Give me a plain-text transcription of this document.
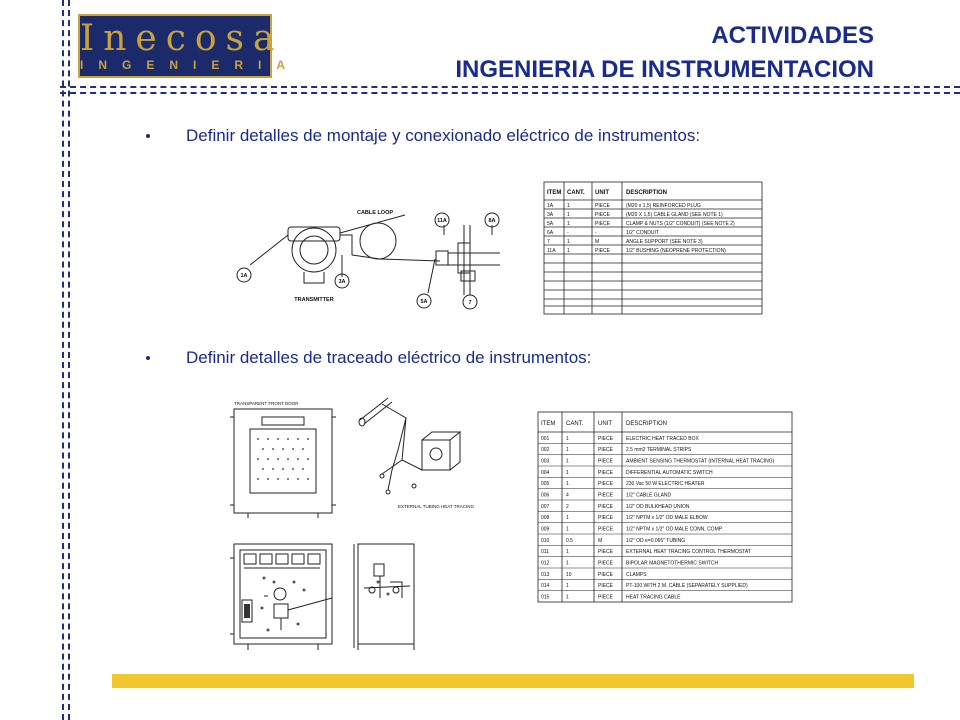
Inecosa
INGENIERIA
ACTIVIDADES
INGENIERIA DE INSTRUMENTACION
Definir detalles de montaje y conexionado eléctrico de instrumentos:
Definir detalles de traceado eléctrico de instrumentos:
CABLE LOOP
TRANSMITTER
1A
3A
5A	7
11A	8A
ITEM CANT. UNIT	DESCRIPTION
1A	1	PIECE	(M20 x 1,5) REINFORCED PLUG
3A	1	PIECE	(M20 X 1,5) CABLE GLAND (SEE NOTE 1)
5A	1	PIECE	CLAMP & NUTS (1/2" CONDUIT) (SEE NOTE 2)
6A	-	-	1/2" CONDUIT
7	1	M	ANGLE SUPPORT (SEE NOTE 3)
11A 1	PIECE	1/2" BUSHING (NEOPRENE PROTECTION)
TRANSPARENT FRONT DOOR
EXTERNAL TUBING HEAT TRACING
ITEM CANT. UNIT DESCRIPTION
001	1	PIECE	ELECTRIC HEAT TRACED BOX
002	1	PIECE	2.5 mm2 TERMINAL STRIPS
003	1	PIECE	AMBIENT SENSING THERMOSTAT (INTERNAL HEAT TRACING)
004	1	PIECE	DIFFERENTIAL AUTOMATIC SWITCH
005	1	PIECE	230 Vac 50 W ELECTRIC HEATER
006	4	PIECE	1/2" CABLE GLAND
007	2	PIECE	1/2" OD BULKHEAD UNION
008	1	PIECE	1/2" NPTM x 1/2" OD MALE ELBOW
009	1	PIECE	1/2" NPTM x 1/2" OD MALE CONN. COMP.
010	0.5	M	1/2" OD e=0.065" TUBING
011	1	PIECE	EXTERNAL HEAT TRACING CONTROL THERMOSTAT
012	1	PIECE	BIPOLAR MAGNETOTHERMIC SWITCH
013	10	PIECE	CLAMPS
014	1	PIECE	PT-100 WITH 2 M. CABLE (SEPARATELY SUPPLIED)
015	1	PIECE	HEAT TRACING CABLE
